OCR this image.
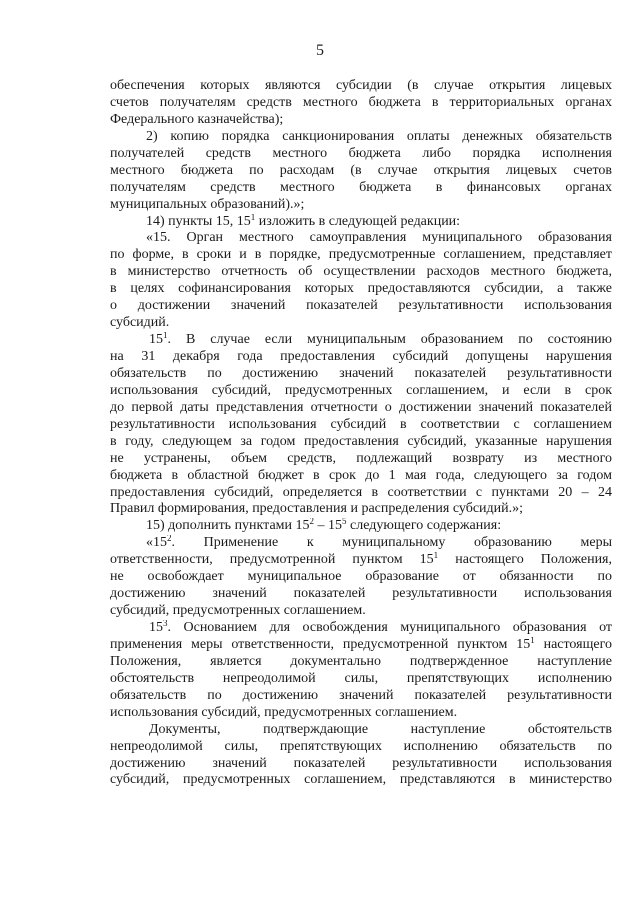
5
обеспечения которых являются субсидии (в случае открытия лицевых
счетов получателям средств местного бюджета в территориальных органах
Федерального казначейства);
2) копию порядка санкционирования оплаты денежных обязательств
получателей средств местного бюджета либо порядка исполнения
местного бюджета по расходам (в случае открытия лицевых счетов
получателям средств местного бюджета в финансовых органах
муниципальных образований).»;
14) пункты 15, $15^1$ изложить в следующей редакции:
«15. Орган местного самоуправления муниципального образования
по форме, в сроки и в порядке, предусмотренные соглашением, представляет
в министерство отчетность об осуществлении расходов местного бюджета,
в целях софинансирования которых предоставляются субсидии, а также
о достижении значений показателей результативности использования
субсидий.
$15^1$. В случае если муниципальным образованием по состоянию
на 31 декабря года предоставления субсидий допущены нарушения
обязательств по достижению значений показателей результативности
использования субсидий, предусмотренных соглашением, и если в срок
до первой даты представления отчетности о достижении значений показателей
результативности использования субсидий в соответствии с соглашением
в году, следующем за годом предоставления субсидий, указанные нарушения
не устранены, объем средств, подлежащий возврату из местного
бюджета в областной бюджет в срок до 1 мая года, следующего за годом
предоставления субсидий, определяется в соответствии с пунктами 20 – 24
Правил формирования, предоставления и распределения субсидий.»;
15) дополнить пунктами $15^2 - 15^5$ следующего содержания:
«$15^2$. Применение к муниципальному образованию меры
ответственности, предусмотренной пунктом $15^1$ настоящего Положения,
не освобождает муниципальное образование от обязанности по
достижению значений показателей результативности использования
субсидий, предусмотренных соглашением.
$15^3$. Основанием для освобождения муниципального образования от
применения меры ответственности, предусмотренной пунктом $15^1$ настоящего
Положения, является документально подтвержденное наступление
обстоятельств непреодолимой силы, препятствующих исполнению
обязательств по достижению значений показателей результативности
использования субсидий, предусмотренных соглашением.
Документы, подтверждающие наступление обстоятельств
непреодолимой силы, препятствующих исполнению обязательств по
достижению значений показателей результативности использования
субсидий, предусмотренных соглашением, представляются в министерство
